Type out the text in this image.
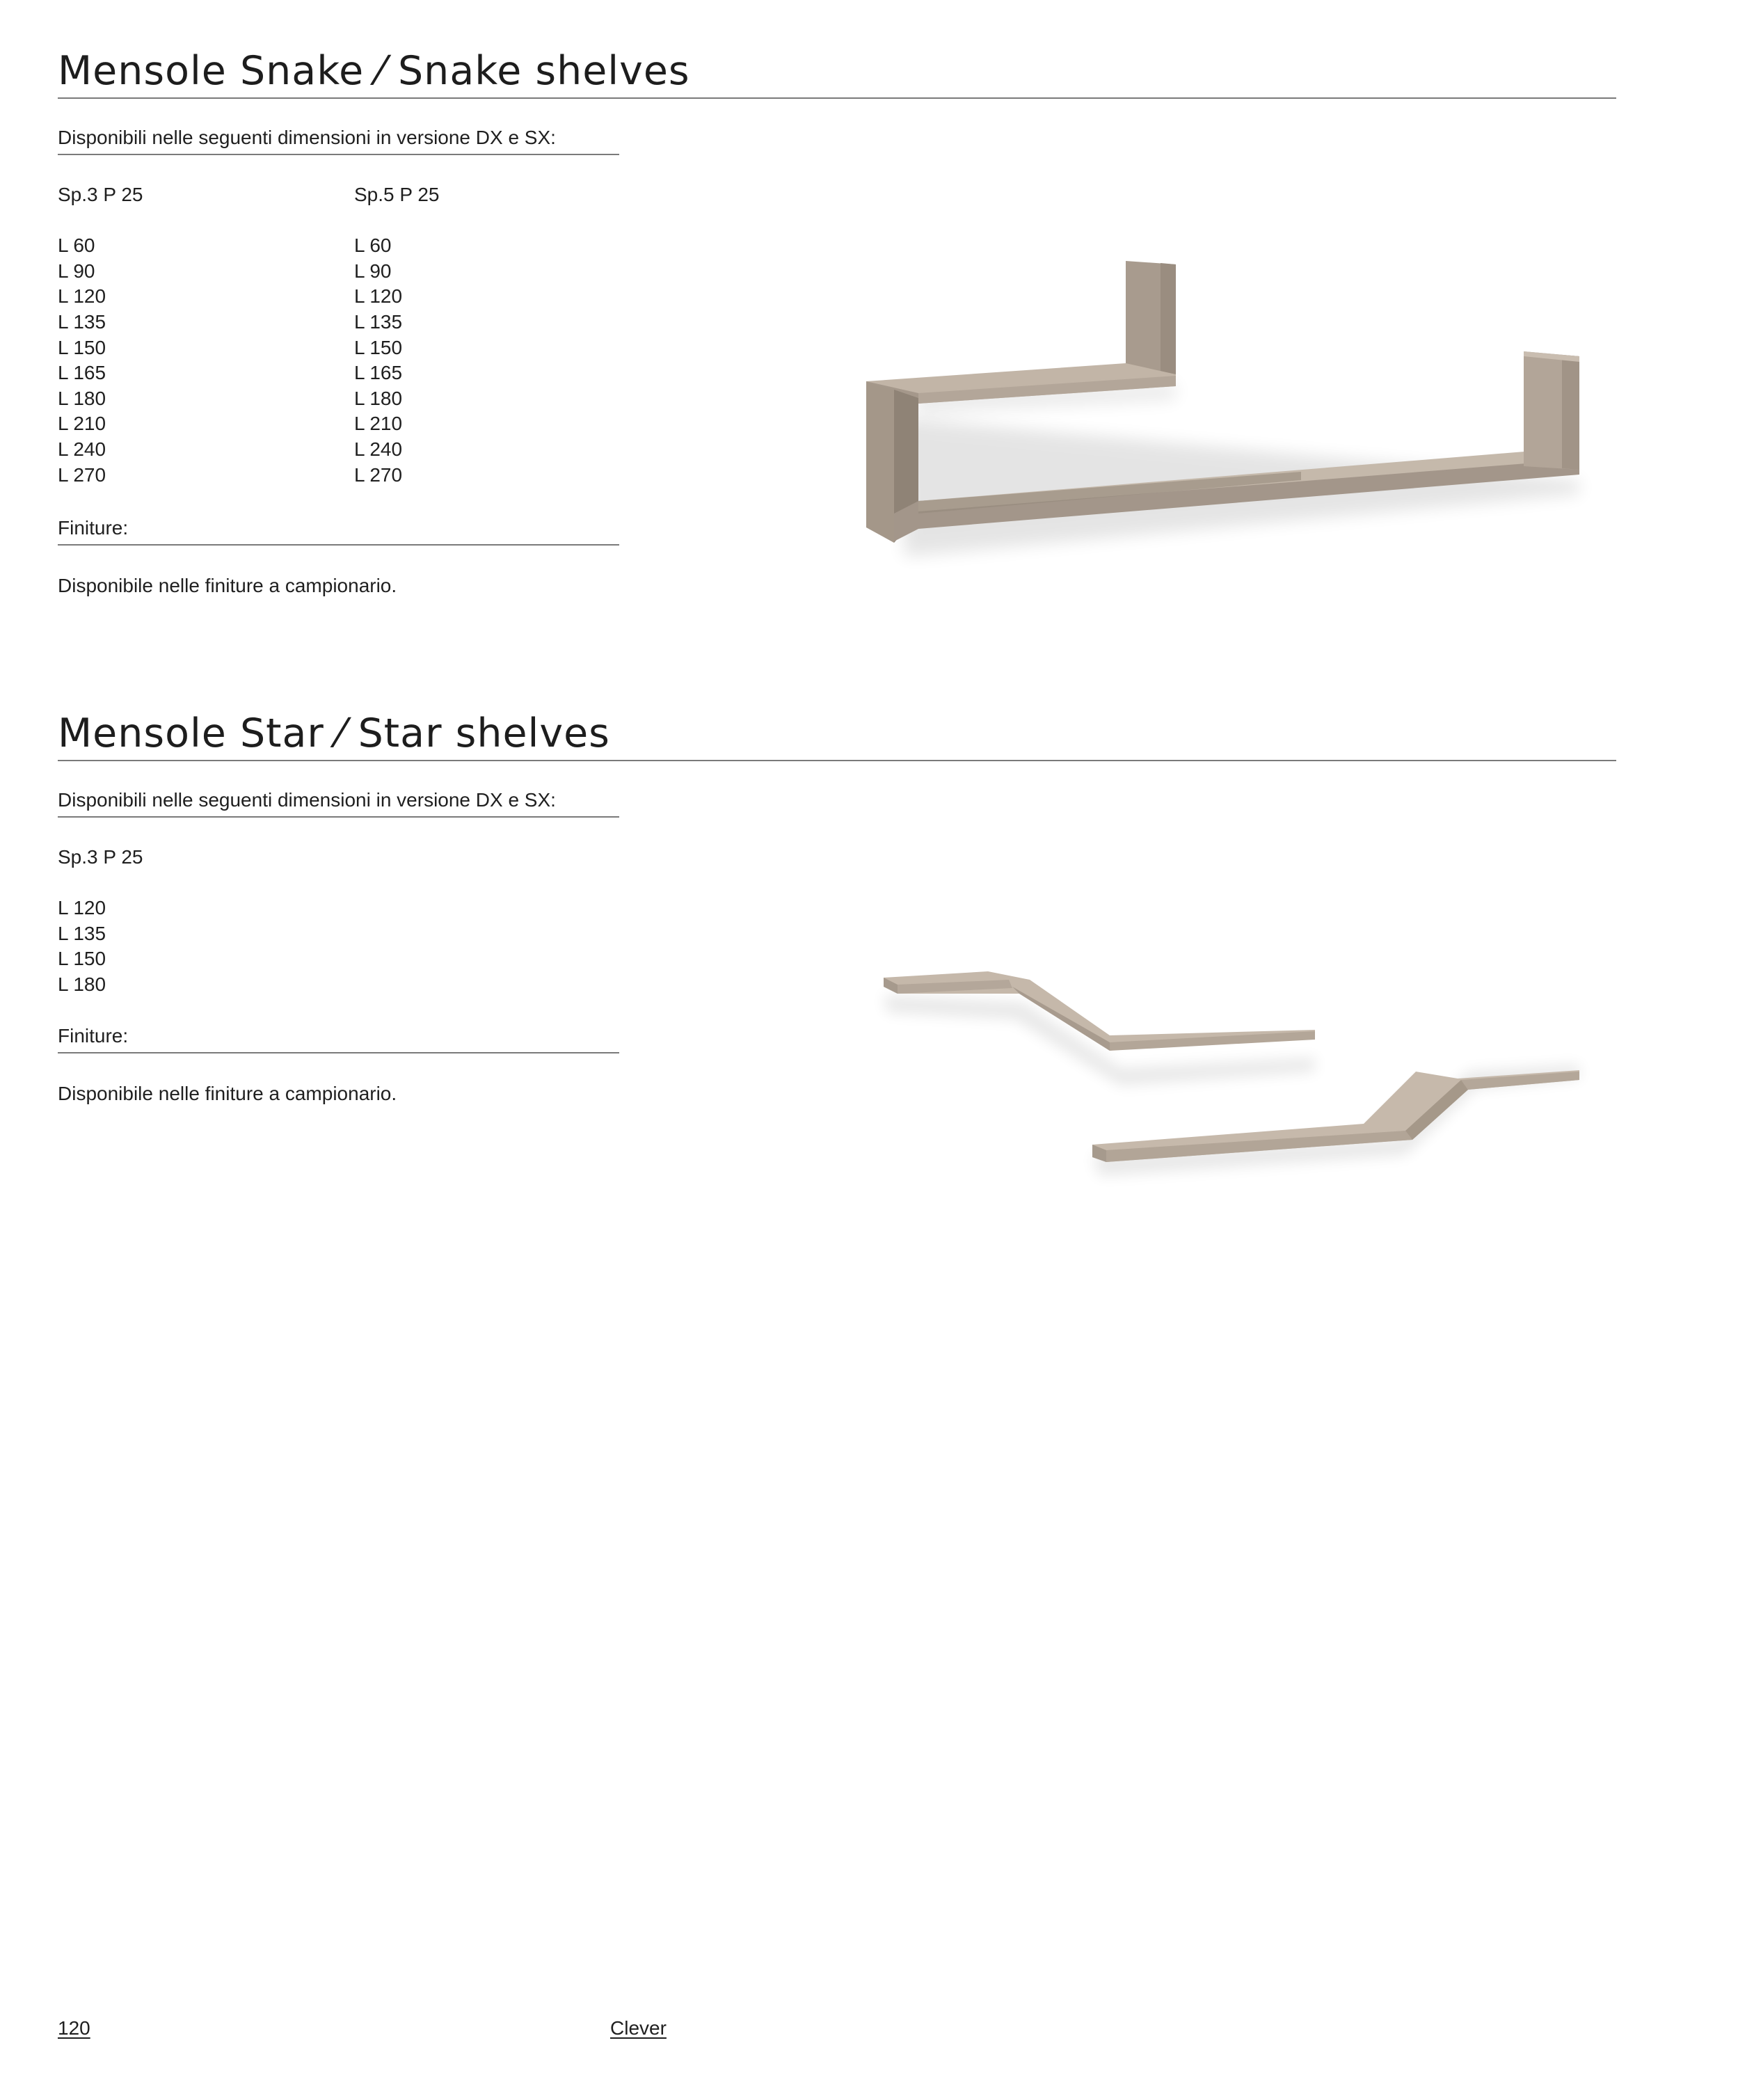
Mensole Snake ⁄ Snake shelves
Disponibili nelle seguenti dimensioni in versione DX e SX:
Sp.3 P 25
L 60
L 90
L 120
L 135
L 150
L 165
L 180
L 210
L 240
L 270
Sp.5 P 25
L 60
L 90
L 120
L 135
L 150
L 165
L 180
L 210
L 240
L 270
Finiture:
Disponibile nelle finiture a campionario.
Mensole Star ⁄ Star shelves
Disponibili nelle seguenti dimensioni in versione DX e SX:
Sp.3 P 25
L 120
L 135
L 150
L 180
Finiture:
Disponibile nelle finiture a campionario.
120	Clever
